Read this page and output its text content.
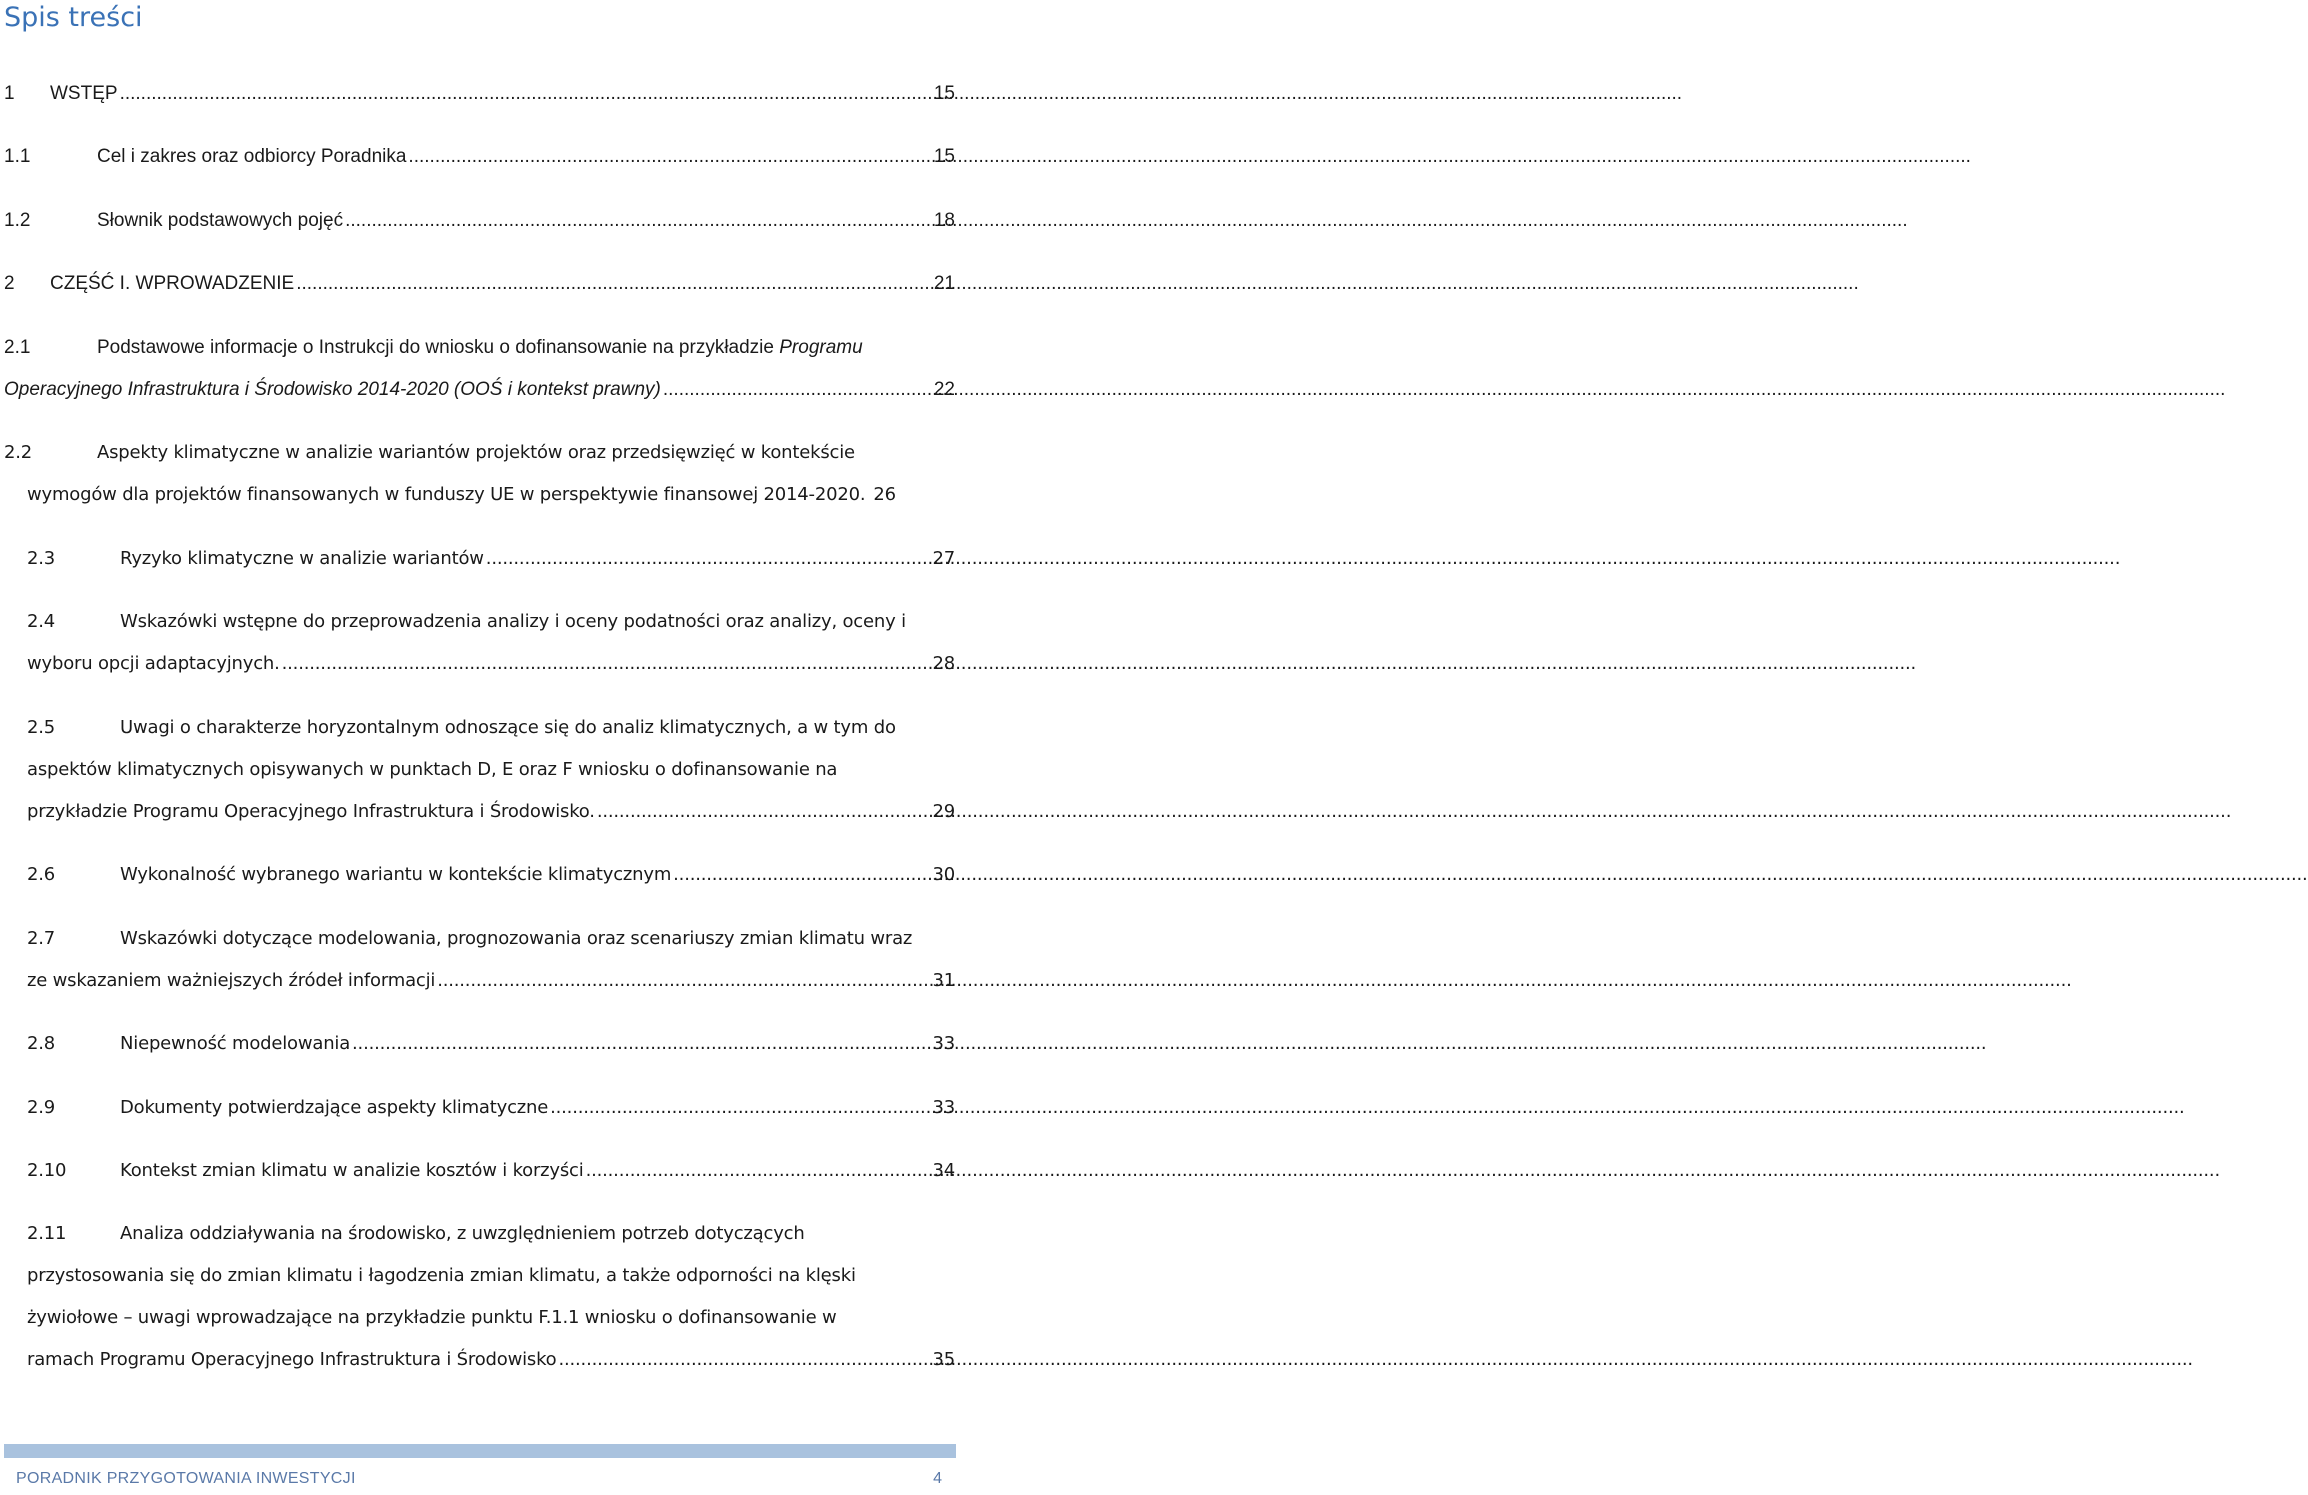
Spis treści
1	WSTĘP .....	15
1.1	Cel i zakres oraz odbiorcy Poradnika .....	15
1.2	Słownik podstawowych pojęć .....	18
2	CZĘŚĆ I. WPROWADZENIE .....	21
2.1	Podstawowe informacje o Instrukcji do wniosku o dofinansowanie na przykładzie Programu
Operacyjnego Infrastruktura i Środowisko 2014-2020 (OOŚ i kontekst prawny) .....	22
2.2	Aspekty klimatyczne w analizie wariantów projektów oraz przedsięwzięć w kontekście
wymogów dla projektów finansowanych w funduszy UE w perspektywie finansowej 2014-2020. 26
2.3	Ryzyko klimatyczne w analizie wariantów .....	27
2.4	Wskazówki wstępne do przeprowadzenia analizy i oceny podatności oraz analizy, oceny i
wyboru opcji adaptacyjnych. .....	28
2.5	Uwagi o charakterze horyzontalnym odnoszące się do analiz klimatycznych, a w tym do
aspektów klimatycznych opisywanych w punktach D, E oraz F wniosku o dofinansowanie na
przykładzie Programu Operacyjnego Infrastruktura i Środowisko. .....	29
2.6	Wykonalność wybranego wariantu w kontekście klimatycznym .....	30
2.7	Wskazówki dotyczące modelowania, prognozowania oraz scenariuszy zmian klimatu wraz
ze wskazaniem ważniejszych źródeł informacji .....	31
2.8	Niepewność modelowania .....	33
2.9	Dokumenty potwierdzające aspekty klimatyczne .....	33
2.10	Kontekst zmian klimatu w analizie kosztów i korzyści .....	34
2.11	Analiza oddziaływania na środowisko, z uwzględnieniem potrzeb dotyczących
przystosowania się do zmian klimatu i łagodzenia zmian klimatu, a także odporności na klęski
żywiołowe – uwagi wprowadzające na przykładzie punktu F.1.1 wniosku o dofinansowanie w
ramach Programu Operacyjnego Infrastruktura i Środowisko .....	35
PORADNIK PRZYGOTOWANIA INWESTYCJI	4
